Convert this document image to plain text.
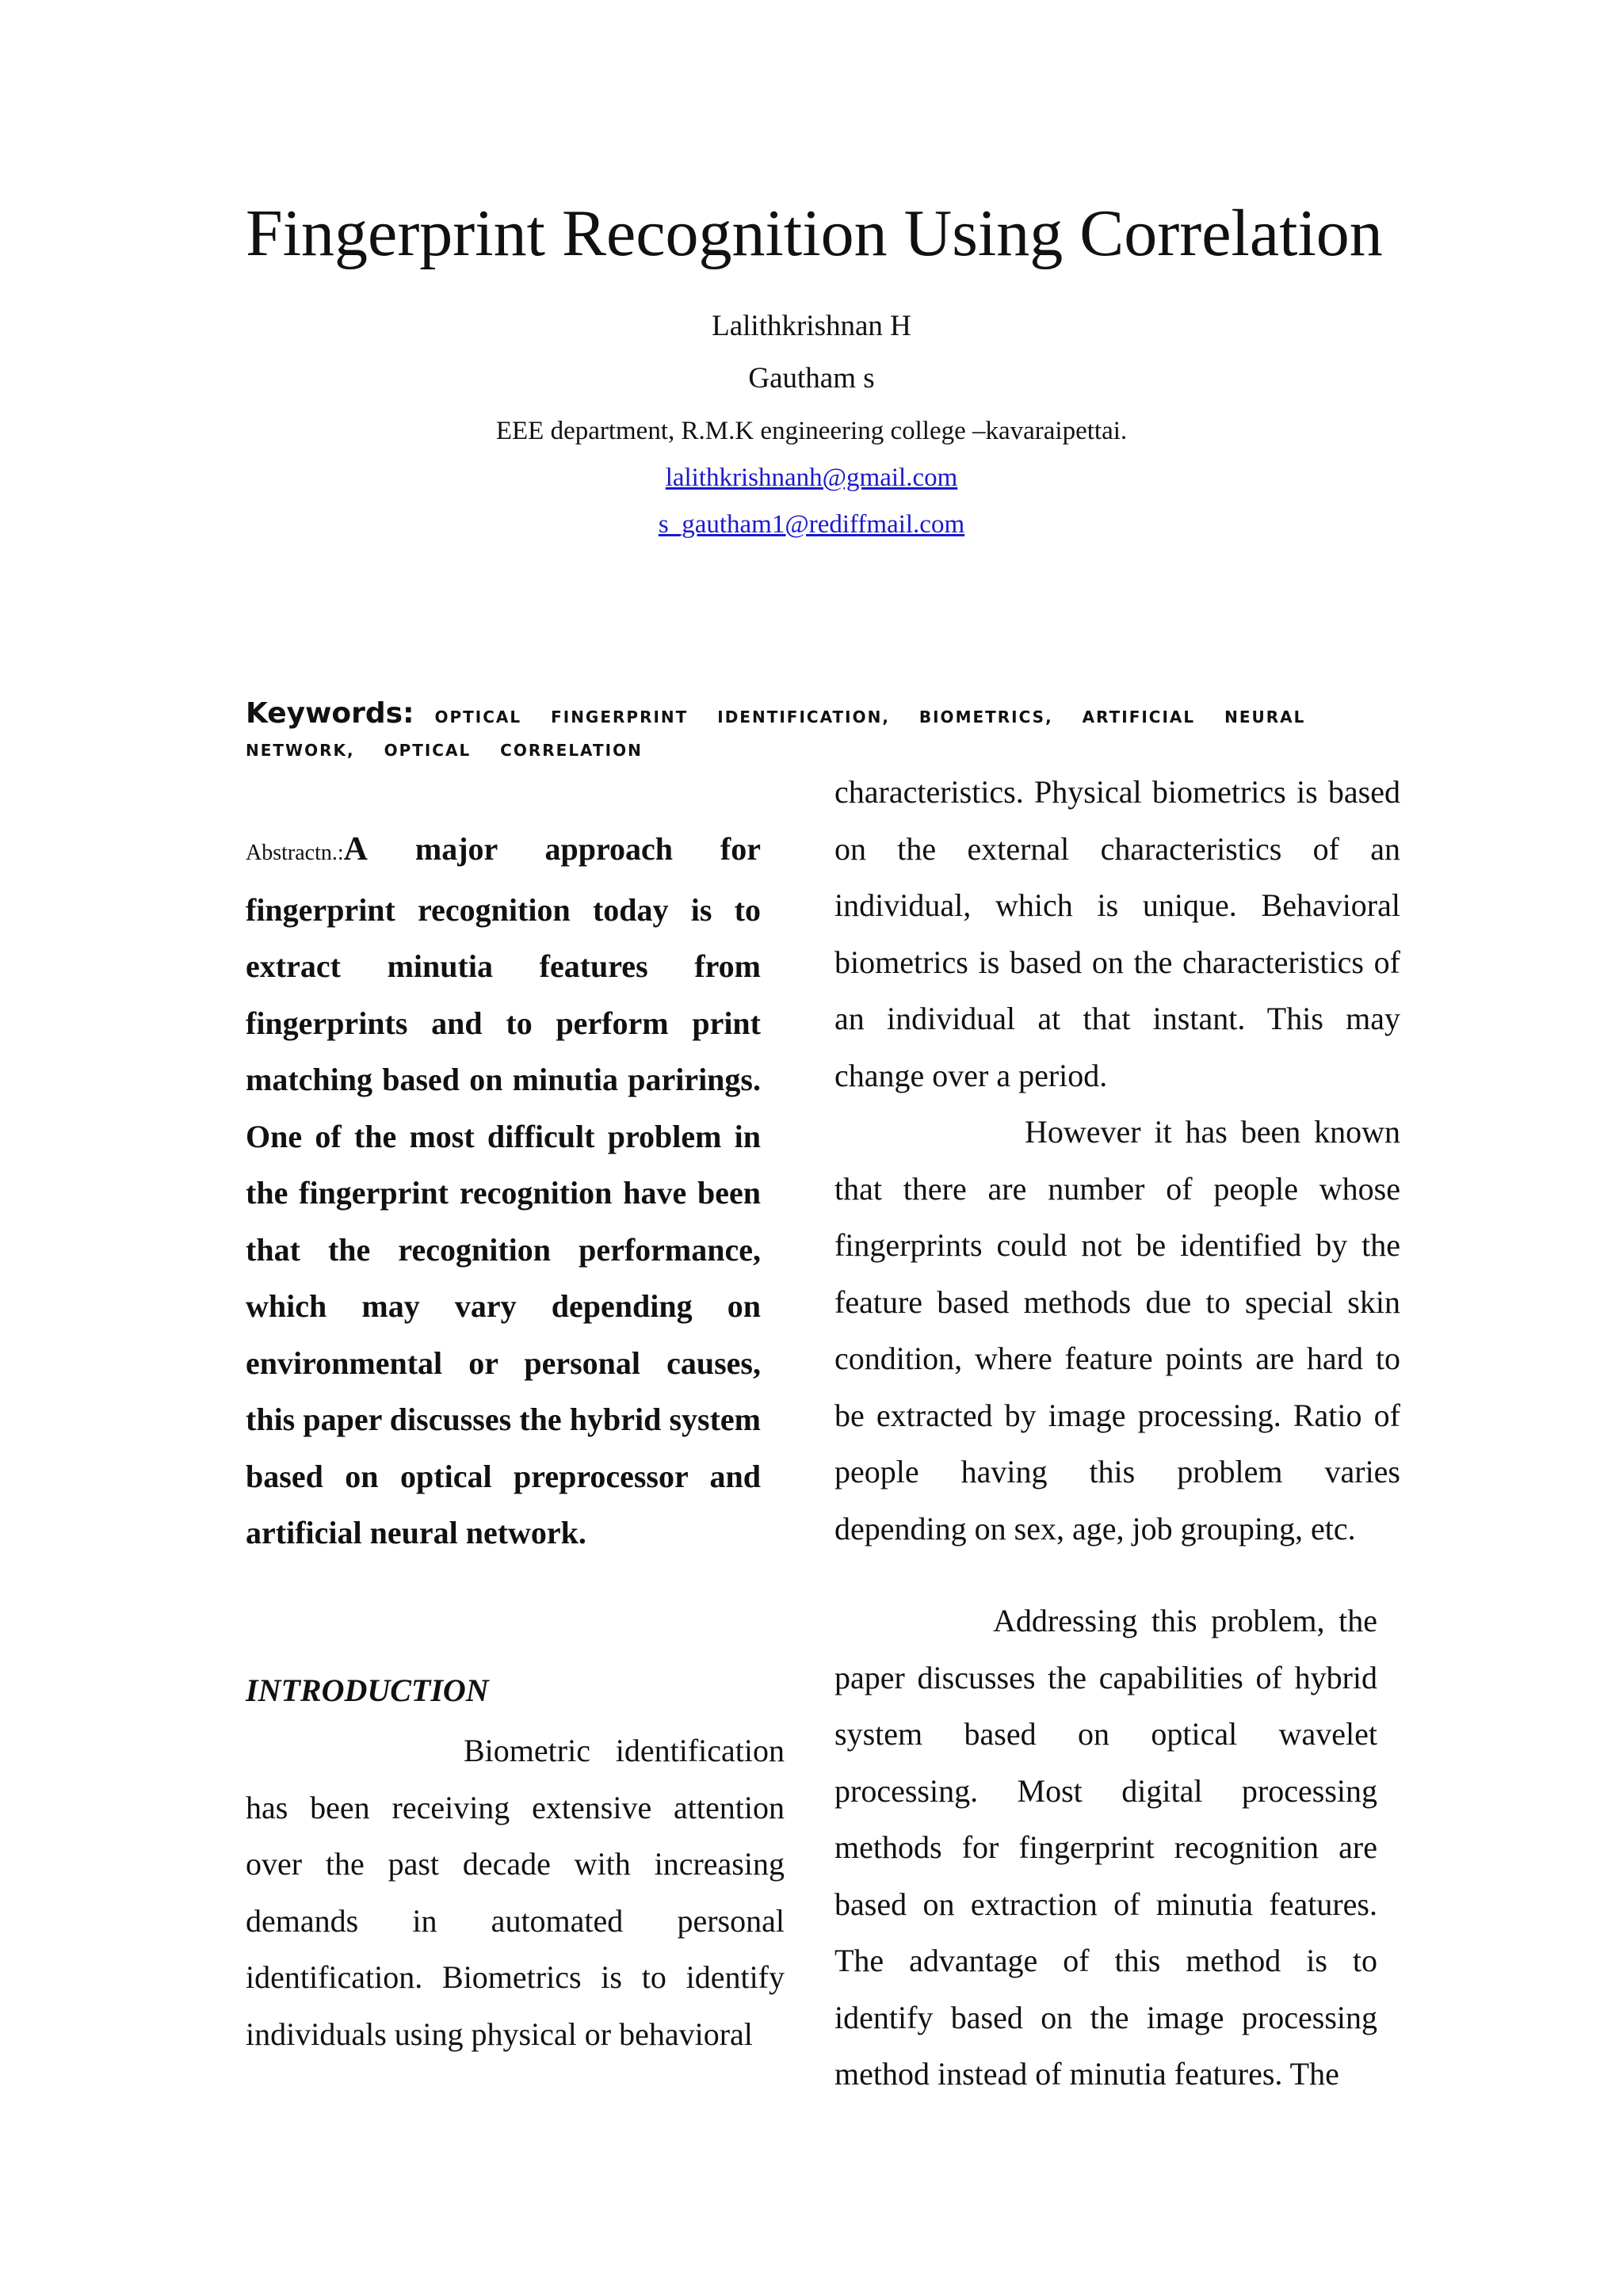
Fingerprint Recognition Using Correlation
Lalithkrishnan H
Gautham s
EEE department, R.M.K engineering college –kavaraipettai.
lalithkrishnanh@gmail.com
s_gautham1@rediffmail.com
Keywords: OPTICAL FINGERPRINT IDENTIFICATION, BIOMETRICS, ARTIFICIAL NEURAL NETWORK, OPTICAL CORRELATION

Abstractn.:A major approach for fingerprint recognition today is to extract minutia features from fingerprints and to perform print matching based on minutia parirings. One of the most difficult problem in the fingerprint recognition have been that the recognition performance, which may vary depending on environmental or personal causes, this paper discusses the hybrid system based on optical preprocessor and artificial neural network.

INTRODUCTION

Biometric identification has been receiving extensive attention over the past decade with increasing demands in automated personal identification. Biometrics is to identify individuals using physical or behavioral

characteristics. Physical biometrics is based on the external characteristics of an individual, which is unique. Behavioral biometrics is based on the characteristics of an individual at that instant. This may change over a period.

However it has been known that there are number of people whose fingerprints could not be identified by the feature based methods due to special skin condition, where feature points are hard to be extracted by image processing. Ratio of people having this problem varies depending on sex, age, job grouping, etc.

Addressing this problem, the paper discusses the capabilities of hybrid system based on optical wavelet processing. Most digital processing methods for fingerprint recognition are based on extraction of minutia features. The advantage of this method is to identify based on the image processing method instead of minutia features. The
